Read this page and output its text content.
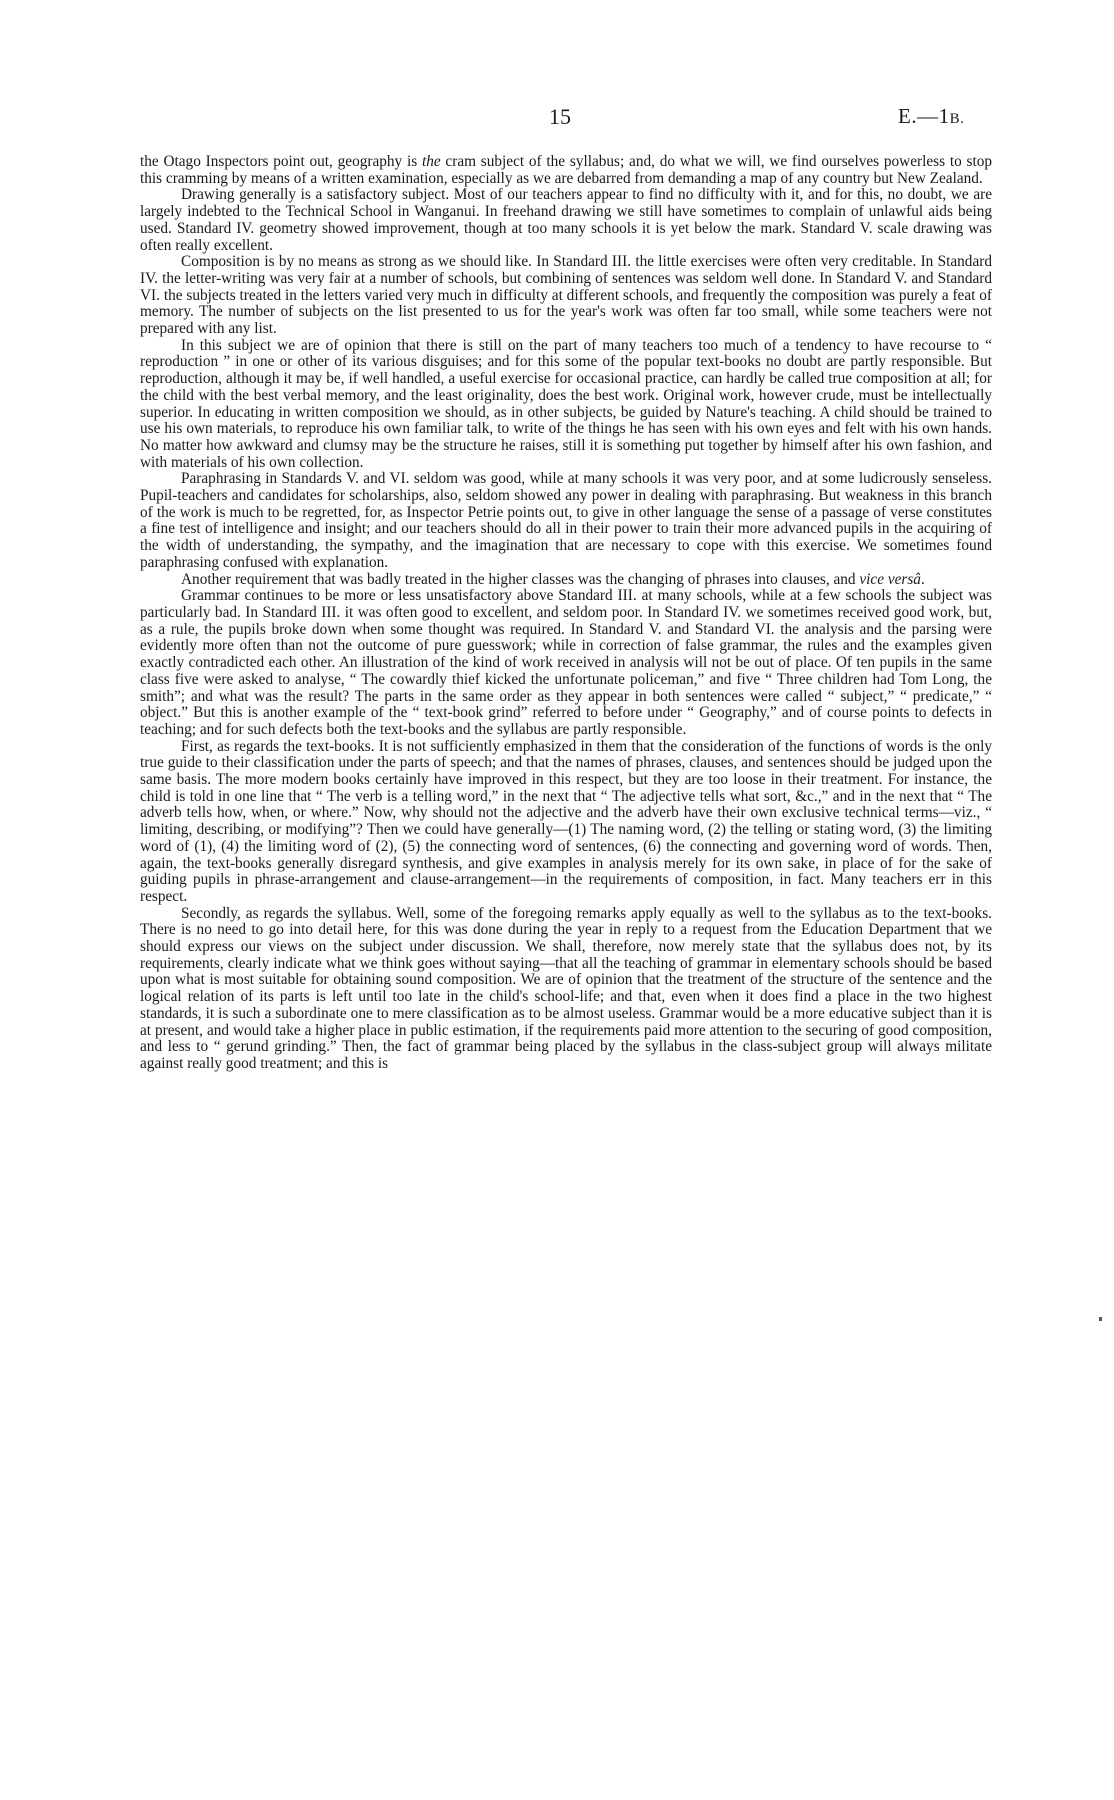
15	E.—1B.

the Otago Inspectors point out, geography is the cram subject of the syllabus; and, do what we will, we find ourselves powerless to stop this cramming by means of a written examination, especially as we are debarred from demanding a map of any country but New Zealand.

Drawing generally is a satisfactory subject. Most of our teachers appear to find no difficulty with it, and for this, no doubt, we are largely indebted to the Technical School in Wanganui. In freehand drawing we still have sometimes to complain of unlawful aids being used. Standard IV. geometry showed improvement, though at too many schools it is yet below the mark. Standard V. scale drawing was often really excellent.

Composition is by no means as strong as we should like. In Standard III. the little exercises were often very creditable. In Standard IV. the letter-writing was very fair at a number of schools, but combining of sentences was seldom well done. In Standard V. and Standard VI. the subjects treated in the letters varied very much in difficulty at different schools, and frequently the composition was purely a feat of memory. The number of subjects on the list presented to us for the year's work was often far too small, while some teachers were not prepared with any list.

In this subject we are of opinion that there is still on the part of many teachers too much of a tendency to have recourse to “ reproduction ” in one or other of its various disguises; and for this some of the popular text-books no doubt are partly responsible. But reproduction, although it may be, if well handled, a useful exercise for occasional practice, can hardly be called true composition at all; for the child with the best verbal memory, and the least originality, does the best work. Original work, however crude, must be intellectually superior. In educating in written composition we should, as in other subjects, be guided by Nature's teaching. A child should be trained to use his own materials, to reproduce his own familiar talk, to write of the things he has seen with his own eyes and felt with his own hands. No matter how awkward and clumsy may be the structure he raises, still it is something put together by himself after his own fashion, and with materials of his own collection.

Paraphrasing in Standards V. and VI. seldom was good, while at many schools it was very poor, and at some ludicrously senseless. Pupil-teachers and candidates for scholarships, also, seldom showed any power in dealing with paraphrasing. But weakness in this branch of the work is much to be regretted, for, as Inspector Petrie points out, to give in other language the sense of a passage of verse constitutes a fine test of intelligence and insight; and our teachers should do all in their power to train their more advanced pupils in the acquiring of the width of understanding, the sympathy, and the imagination that are necessary to cope with this exercise. We sometimes found paraphrasing confused with explanation.

Another requirement that was badly treated in the higher classes was the changing of phrases into clauses, and vice versâ.

Grammar continues to be more or less unsatisfactory above Standard III. at many schools, while at a few schools the subject was particularly bad. In Standard III. it was often good to excellent, and seldom poor. In Standard IV. we sometimes received good work, but, as a rule, the pupils broke down when some thought was required. In Standard V. and Standard VI. the analysis and the parsing were evidently more often than not the outcome of pure guesswork; while in correction of false grammar, the rules and the examples given exactly contradicted each other. An illustration of the kind of work received in analysis will not be out of place. Of ten pupils in the same class five were asked to analyse, “ The cowardly thief kicked the unfortunate policeman,” and five “ Three children had Tom Long, the smith”; and what was the result? The parts in the same order as they appear in both sentences were called “ subject,” “ predicate,” “ object.” But this is another example of the “ text-book grind” referred to before under “ Geography,” and of course points to defects in teaching; and for such defects both the text-books and the syllabus are partly responsible.

First, as regards the text-books. It is not sufficiently emphasized in them that the consideration of the functions of words is the only true guide to their classification under the parts of speech; and that the names of phrases, clauses, and sentences should be judged upon the same basis. The more modern books certainly have improved in this respect, but they are too loose in their treatment. For instance, the child is told in one line that “ The verb is a telling word,” in the next that “ The adjective tells what sort, &c.,” and in the next that “ The adverb tells how, when, or where.” Now, why should not the adjective and the adverb have their own exclusive technical terms—viz., “ limiting, describing, or modifying”? Then we could have generally—(1) The naming word, (2) the telling or stating word, (3) the limiting word of (1), (4) the limiting word of (2), (5) the connecting word of sentences, (6) the connecting and governing word of words. Then, again, the text-books generally disregard synthesis, and give examples in analysis merely for its own sake, in place of for the sake of guiding pupils in phrase-arrangement and clause-arrangement—in the requirements of composition, in fact. Many teachers err in this respect.

Secondly, as regards the syllabus. Well, some of the foregoing remarks apply equally as well to the syllabus as to the text-books. There is no need to go into detail here, for this was done during the year in reply to a request from the Education Department that we should express our views on the subject under discussion. We shall, therefore, now merely state that the syllabus does not, by its requirements, clearly indicate what we think goes without saying—that all the teaching of grammar in elementary schools should be based upon what is most suitable for obtaining sound composition. We are of opinion that the treatment of the structure of the sentence and the logical relation of its parts is left until too late in the child's school-life; and that, even when it does find a place in the two highest standards, it is such a subordinate one to mere classification as to be almost useless. Grammar would be a more educative subject than it is at present, and would take a higher place in public estimation, if the requirements paid more attention to the securing of good composition, and less to “ gerund grinding.” Then, the fact of grammar being placed by the syllabus in the class-subject group will always militate against really good treatment; and this is
